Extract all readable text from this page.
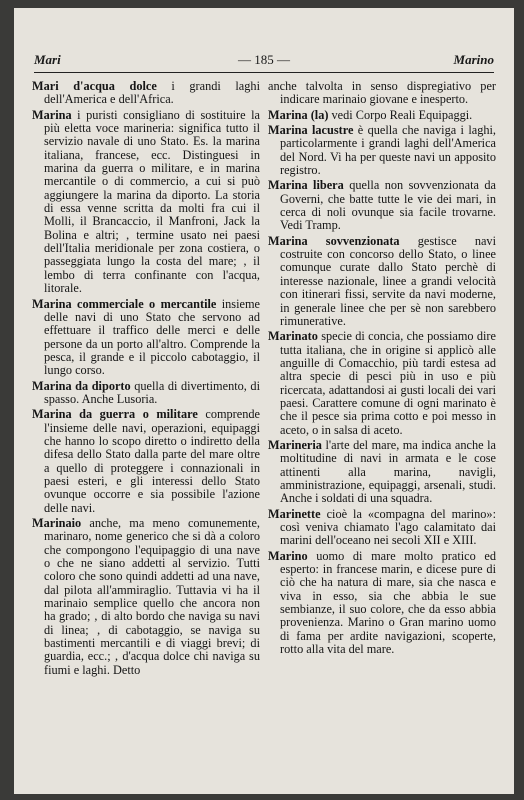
Mari	— 185 —	Marino

Mari d'acqua dolce i grandi laghi dell'America e dell'Africa.

Marina i puristi consigliano di sostituire la più eletta voce marineria: significa tutto il servizio navale di uno Stato. Es. la marina italiana, francese, ecc. Distinguesi in marina da guerra o militare, e in marina mercantile o di commercio, a cui si può aggiungere la marina da diporto. La storia di essa venne scritta da molti fra cui il Molli, il Brancaccio, il Manfroni, Jack la Bolina e altri; ‚ termine usato nei paesi dell'Italia meridionale per zona costiera, o passeggiata lungo la costa del mare; ‚ il lembo di terra confinante con l'acqua, litorale.

Marina commerciale o mercantile insieme delle navi di uno Stato che servono ad effettuare il traffico delle merci e delle persone da un porto all'altro. Comprende la pesca, il grande e il piccolo cabotaggio, il lungo corso.

Marina da diporto quella di divertimento, di spasso. Anche Lusoria.

Marina da guerra o militare comprende l'insieme delle navi, operazioni, equipaggi che hanno lo scopo diretto o indiretto della difesa dello Stato dalla parte del mare oltre a quello di proteggere i connazionali in paesi esteri, e gli interessi dello Stato ovunque occorre e sia possibile l'azione delle navi.

Marinaio anche, ma meno comunemente, marinaro, nome generico che si dà a coloro che compongono l'equipaggio di una nave o che ne siano addetti al servizio. Tutti coloro che sono quindi addetti ad una nave, dal pilota all'ammiraglio. Tuttavia vi ha il marinaio semplice quello che ancora non ha grado; ‚ di alto bordo che naviga su navi di linea; ‚ di cabotaggio, se naviga su bastimenti mercantili e di viaggi brevi; di guardia, ecc.; ‚ d'acqua dolce chi naviga su fiumi e laghi. Detto

anche talvolta in senso dispregiativo per indicare marinaio giovane e inesperto.

Marina (la) vedi Corpo Reali Equipaggi.

Marina lacustre è quella che naviga i laghi, particolarmente i grandi laghi dell'America del Nord. Vi ha per queste navi un apposito registro.

Marina libera quella non sovvenzionata da Governi, che batte tutte le vie dei mari, in cerca di noli ovunque sia facile trovarne. Vedi Tramp.

Marina sovvenzionata gestisce navi costruite con concorso dello Stato, o linee comunque curate dallo Stato perchè di interesse nazionale, linee a grandi velocità con itinerari fissi, servite da navi moderne, in generale linee che per sè non sarebbero rimunerative.

Marinato specie di concia, che possiamo dire tutta italiana, che in origine si applicò alle anguille di Comacchio, più tardi estesa ad altra specie di pesci più in uso e più ricercata, adattandosi ai gusti locali dei vari paesi. Carattere comune di ogni marinato è che il pesce sia prima cotto e poi messo in aceto, o in salsa di aceto.

Marineria l'arte del mare, ma indica anche la moltitudine di navi in armata e le cose attinenti alla marina, navigli, amministrazione, equipaggi, arsenali, studi. Anche i soldati di una squadra.

Marinette cioè la «compagna del marino»: così veniva chiamato l'ago calamitato dai marini dell'oceano nei secoli XII e XIII.

Marino uomo di mare molto pratico ed esperto: in francese marin, e dicese pure di ciò che ha natura di mare, sia che nasca e viva in esso, sia che abbia le sue sembianze, il suo colore, che da esso abbia provenienza. Marino o Gran marino uomo di fama per ardite navigazioni, scoperte, rotto alla vita del mare.
